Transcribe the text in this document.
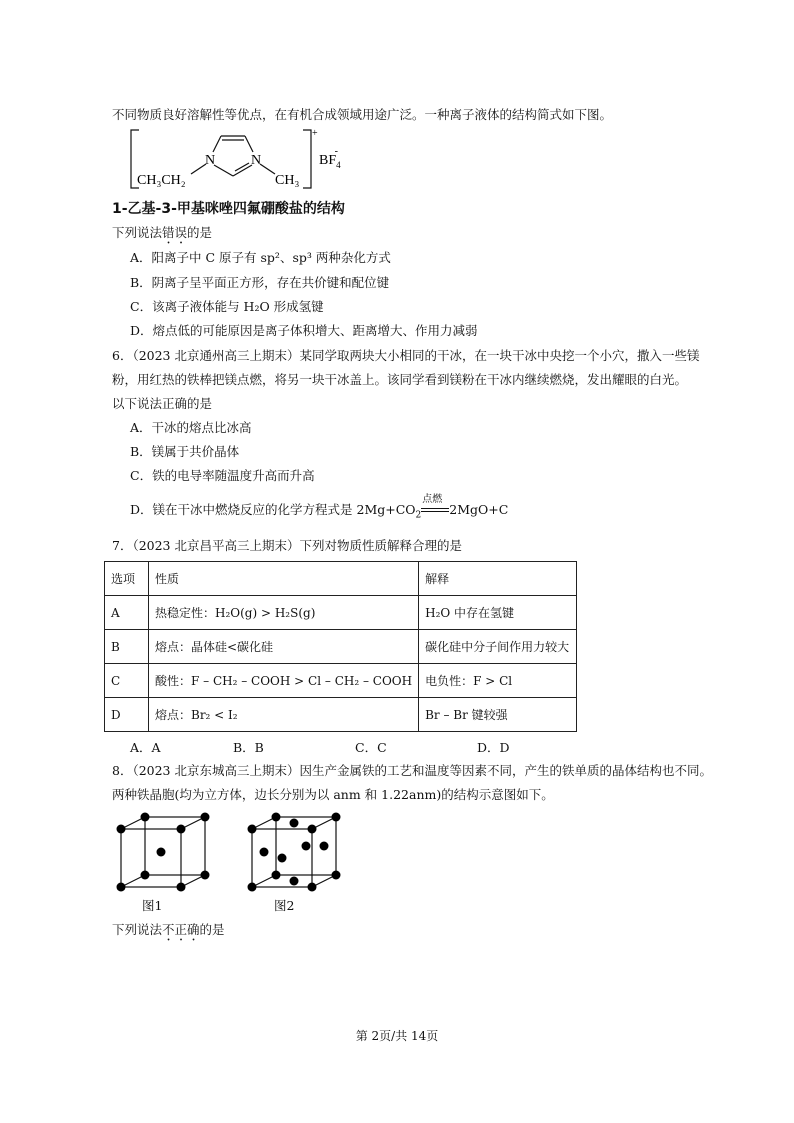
不同物质良好溶解性等优点，在有机合成领域用途广泛。一种离子液体的结构简式如下图。
N	N
CH₃CH₂	CH₃
+
$BF_4-$
1-乙基-3-甲基咪唑四氟硼酸盐的结构
下列说法错误的是
A．阳离子中 C 原子有 sp²、sp³ 两种杂化方式
B．阴离子呈平面正方形，存在共价键和配位键
C．该离子液体能与 H₂O 形成氢键
D．熔点低的可能原因是离子体积增大、距离增大、作用力减弱
6．（2023 北京通州高三上期末）某同学取两块大小相同的干冰，在一块干冰中央挖一个小穴，撒入一些镁
粉，用红热的铁棒把镁点燃，将另一块干冰盖上。该同学看到镁粉在干冰内继续燃烧，发出耀眼的白光。
以下说法正确的是
A．干冰的熔点比冰高
B．镁属于共价晶体
C．铁的电导率随温度升高而升高
D．镁在干冰中燃烧反应的化学方程式是 $2Mg+CO_2$
点燃
2MgO+C
7．（2023 北京昌平高三上期末）下列对物质性质解释合理的是
选项	性质	解释
A	热稳定性：H₂O(g) > H₂S(g)	H₂O 中存在氢键
B	熔点：晶体硅<碳化硅	碳化硅中分子间作用力较大
C	酸性：F – CH₂ – COOH > Cl – CH₂ – COOH	电负性：F > Cl
D	熔点：Br₂ < I₂	Br – Br 键较强
A．A	B．B	C．C	D．D
8．（2023 北京东城高三上期末）因生产金属铁的工艺和温度等因素不同，产生的铁单质的晶体结构也不同。
两种铁晶胞(均为立方体，边长分别为以 anm 和 1.22anm)的结构示意图如下。
图1	图2
下列说法不正确的是
第 2页/共 14页
